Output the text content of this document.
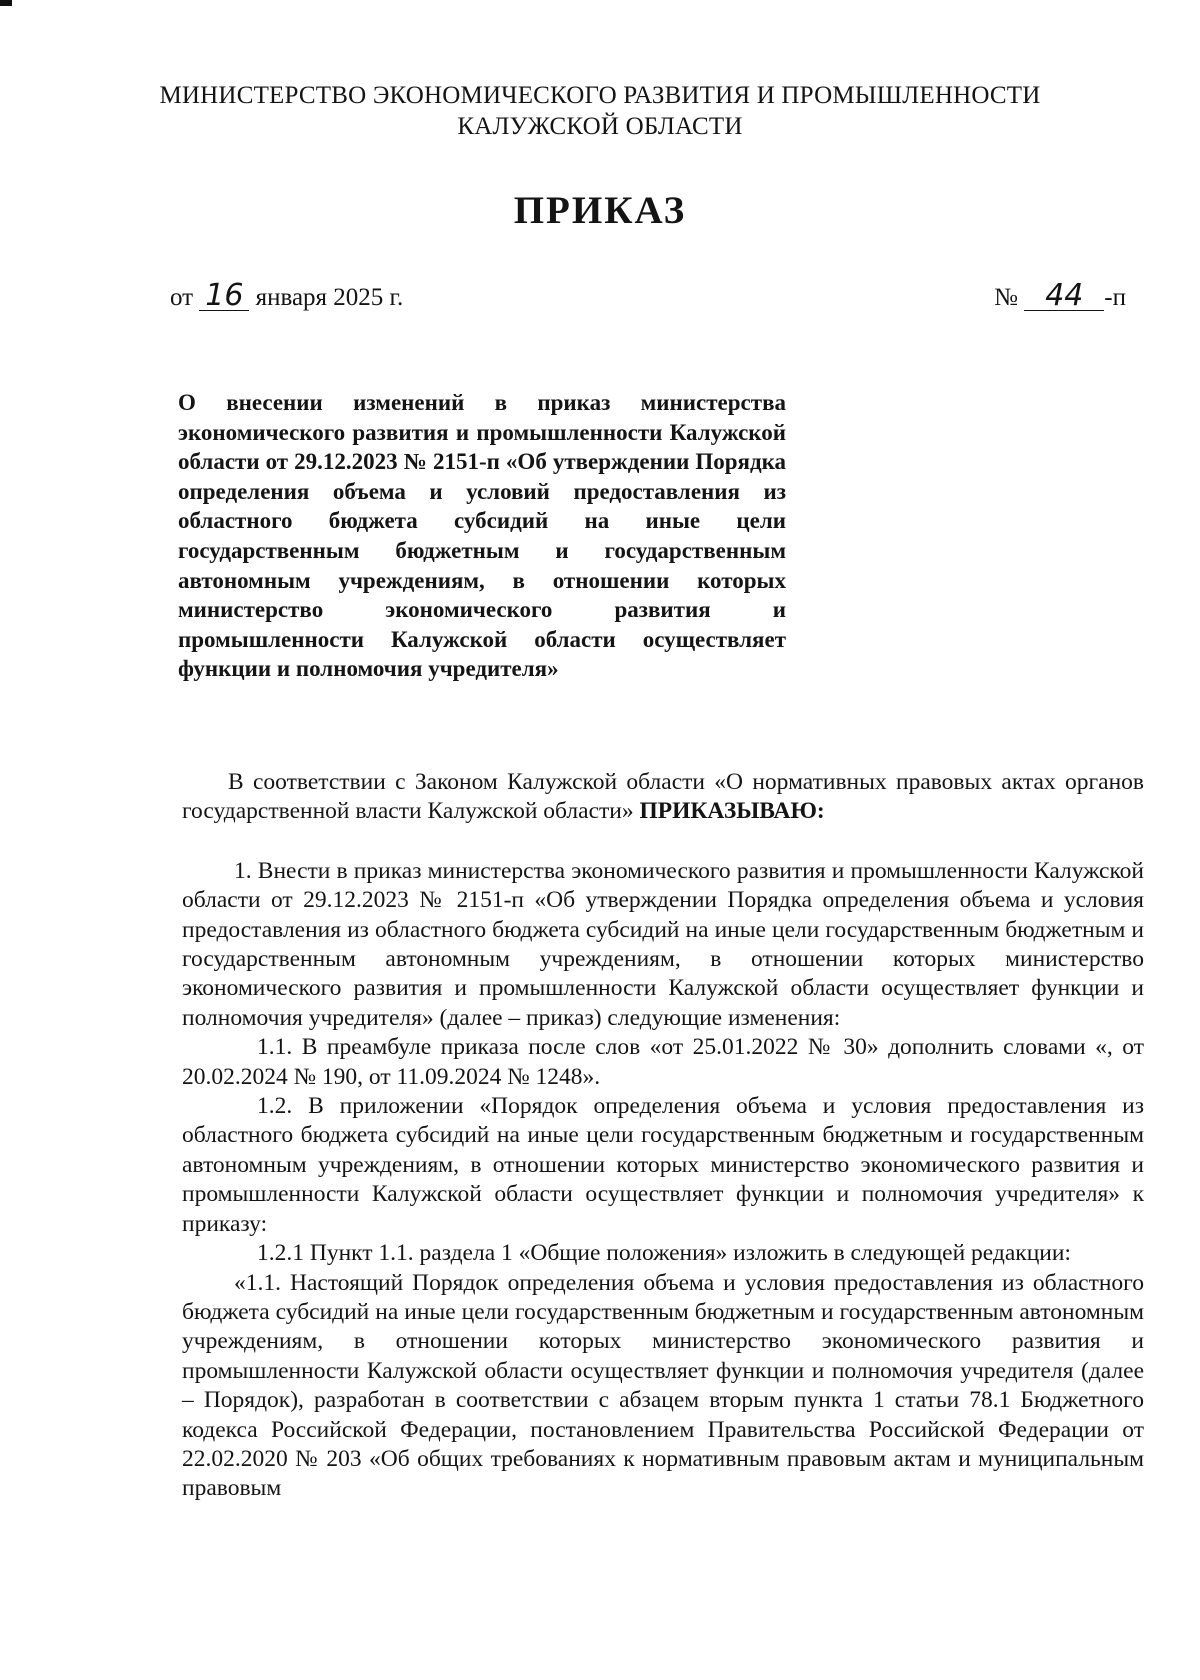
МИНИСТЕРСТВО ЭКОНОМИЧЕСКОГО РАЗВИТИЯ И ПРОМЫШЛЕННОСТИ
КАЛУЖСКОЙ ОБЛАСТИ
ПРИКАЗ
от 16 января 2025 г.	№ 44 -п
О внесении изменений в приказ министерства экономического развития и промышленности Калужской области от 29.12.2023 № 2151-п «Об утверждении Порядка определения объема и условий предоставления из областного бюджета субсидий на иные цели государственным бюджетным и государственным автономным учреждениям, в отношении которых министерство экономического развития и промышленности Калужской области осуществляет функции и полномочия учредителя»

В соответствии с Законом Калужской области «О нормативных правовых актах органов государственной власти Калужской области» ПРИКАЗЫВАЮ:

1. Внести в приказ министерства экономического развития и промышленности Калужской области от 29.12.2023 № 2151-п «Об утверждении Порядка определения объема и условия предоставления из областного бюджета субсидий на иные цели государственным бюджетным и государственным автономным учреждениям, в отношении которых министерство экономического развития и промышленности Калужской области осуществляет функции и полномочия учредителя» (далее – приказ) следующие изменения:

1.1. В преамбуле приказа после слов «от 25.01.2022 № 30» дополнить словами «, от 20.02.2024 № 190, от 11.09.2024 № 1248».

1.2. В приложении «Порядок определения объема и условия предоставления из областного бюджета субсидий на иные цели государственным бюджетным и государственным автономным учреждениям, в отношении которых министерство экономического развития и промышленности Калужской области осуществляет функции и полномочия учредителя» к приказу:

1.2.1 Пункт 1.1. раздела 1 «Общие положения» изложить в следующей редакции:

«1.1. Настоящий Порядок определения объема и условия предоставления из областного бюджета субсидий на иные цели государственным бюджетным и государственным автономным учреждениям, в отношении которых министерство экономического развития и промышленности Калужской области осуществляет функции и полномочия учредителя (далее – Порядок), разработан в соответствии с абзацем вторым пункта 1 статьи 78.1 Бюджетного кодекса Российской Федерации, постановлением Правительства Российской Федерации от 22.02.2020 № 203 «Об общих требованиях к нормативным правовым актам и муниципальным правовым
